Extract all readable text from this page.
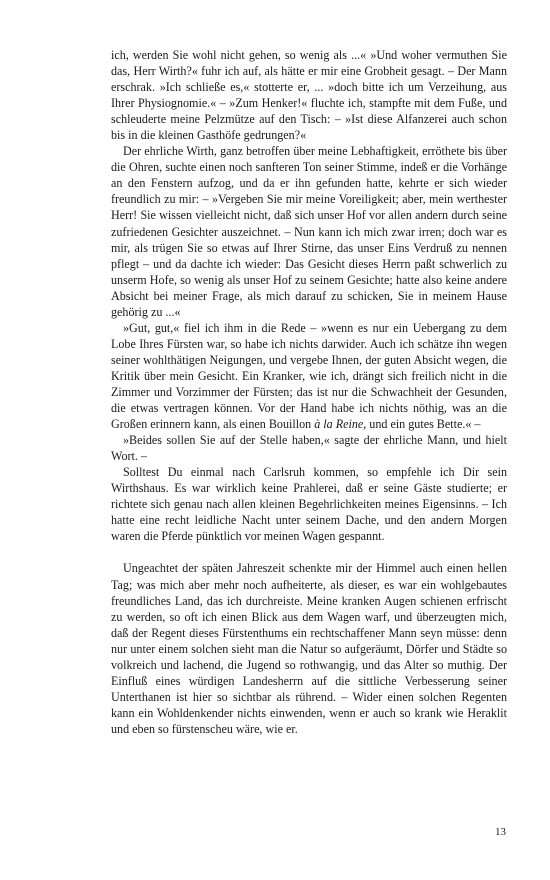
ich, werden Sie wohl nicht gehen, so wenig als ...« »Und woher vermuthen Sie das, Herr Wirth?« fuhr ich auf, als hätte er mir eine Grobheit gesagt. – Der Mann erschrak. »Ich schließe es,« stotterte er, ... »doch bitte ich um Verzeihung, aus Ihrer Physiognomie.« – »Zum Henker!« fluchte ich, stampfte mit dem Fuße, und schleuderte meine Pelzmütze auf den Tisch: – »Ist diese Alfanzerei auch schon bis in die kleinen Gasthöfe gedrungen?«

Der ehrliche Wirth, ganz betroffen über meine Lebhaftigkeit, erröthete bis über die Ohren, suchte einen noch sanfteren Ton seiner Stimme, indeß er die Vorhänge an den Fenstern aufzog, und da er ihn gefunden hatte, kehrte er sich wieder freundlich zu mir: – »Vergeben Sie mir meine Voreiligkeit; aber, mein werthester Herr! Sie wissen vielleicht nicht, daß sich unser Hof vor allen andern durch seine zufriedenen Gesichter auszeichnet. – Nun kann ich mich zwar irren; doch war es mir, als trügen Sie so etwas auf Ihrer Stirne, das unser Eins Verdruß zu nennen pflegt – und da dachte ich wieder: Das Gesicht dieses Herrn paßt schwerlich zu unserm Hofe, so wenig als unser Hof zu seinem Gesichte; hatte also keine andere Absicht bei meiner Frage, als mich darauf zu schicken, Sie in meinem Hause gehörig zu ...«

»Gut, gut,« fiel ich ihm in die Rede – »wenn es nur ein Uebergang zu dem Lobe Ihres Fürsten war, so habe ich nichts darwider. Auch ich schätze ihn wegen seiner wohlthätigen Neigungen, und vergebe Ihnen, der guten Absicht wegen, die Kritik über mein Gesicht. Ein Kranker, wie ich, drängt sich freilich nicht in die Zimmer und Vorzimmer der Fürsten; das ist nur die Schwachheit der Gesunden, die etwas vertragen können. Vor der Hand habe ich nichts nöthig, was an die Großen erinnern kann, als einen Bouillon à la Reine, und ein gutes Bette.« –

»Beides sollen Sie auf der Stelle haben,« sagte der ehrliche Mann, und hielt Wort. –

Solltest Du einmal nach Carlsruh kommen, so empfehle ich Dir sein Wirthshaus. Es war wirklich keine Prahlerei, daß er seine Gäste studierte; er richtete sich genau nach allen kleinen Begehrlichkeiten meines Eigensinns. – Ich hatte eine recht leidliche Nacht unter seinem Dache, und den andern Morgen waren die Pferde pünktlich vor meinen Wagen gespannt.

Ungeachtet der späten Jahreszeit schenkte mir der Himmel auch einen hellen Tag; was mich aber mehr noch aufheiterte, als dieser, es war ein wohlgebautes freundliches Land, das ich durchreiste. Meine kranken Augen schienen erfrischt zu werden, so oft ich einen Blick aus dem Wagen warf, und überzeugten mich, daß der Regent dieses Fürstenthums ein rechtschaffener Mann seyn müsse: denn nur unter einem solchen sieht man die Natur so aufgeräumt, Dörfer und Städte so volkreich und lachend, die Jugend so rothwangig, und das Alter so muthig. Der Einfluß eines würdigen Landesherrn auf die sittliche Verbesserung seiner Unterthanen ist hier so sichtbar als rührend. – Wider einen solchen Regenten kann ein Wohldenkender nichts einwenden, wenn er auch so krank wie Heraklit und eben so fürstenscheu wäre, wie er.

13
